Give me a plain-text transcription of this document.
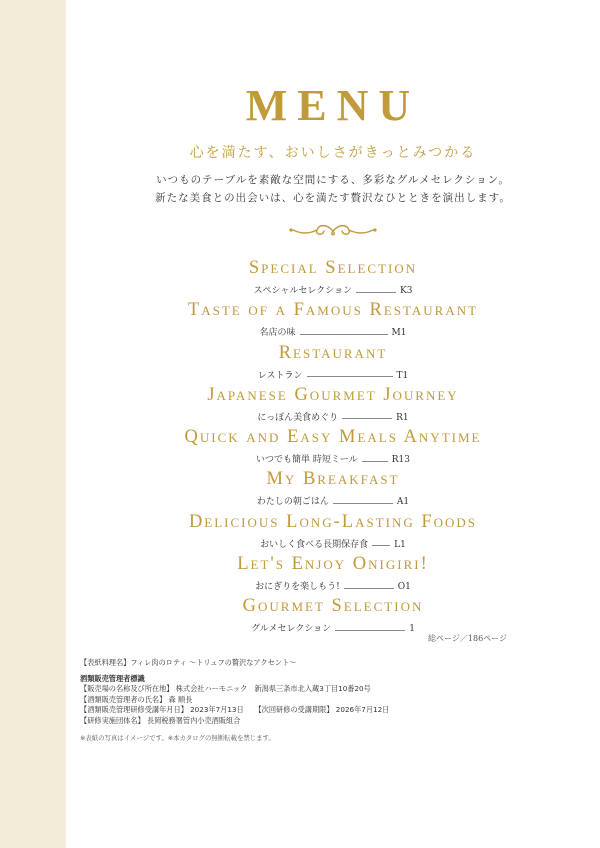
MENU
心を満たす、おいしさがきっとみつかる
いつものテーブルを素敵な空間にする、多彩なグルメセレクション。
新たな美食との出会いは、心を満たす贅沢なひとときを演出します。
Special Selection
スペシャルセレクション	K3
Taste of a Famous Restaurant
名店の味	M1
Restaurant
レストラン	T1
Japanese Gourmet Journey
にっぽん美食めぐり	R1
Quick and Easy Meals Anytime
いつでも簡単 時短ミール	R13
My Breakfast
わたしの朝ごはん	A1
Delicious Long-Lasting Foods
おいしく食べる長期保存食	L1
Let's Enjoy Onigiri!
おにぎりを楽しもう!	O1
Gourmet Selection
グルメセレクション	1
総ページ／186ページ
【表紙料理名】フィレ肉のロティ ～トリュフの贅沢なアクセント～
酒類販売管理者標識
【販売場の名称及び所在地】 株式会社ハーモニック　新潟県三条市北入蔵3丁目10番20号
【酒類販売管理者の氏名】 森 順長
【酒類販売管理研修受講年月日】 2023年7月13日　　【次回研修の受講期限】 2026年7月12日
【研修実施団体名】 長岡税務署管内小売酒販組合
※表紙の写真はイメージです。※本カタログの無断転載を禁じます。
